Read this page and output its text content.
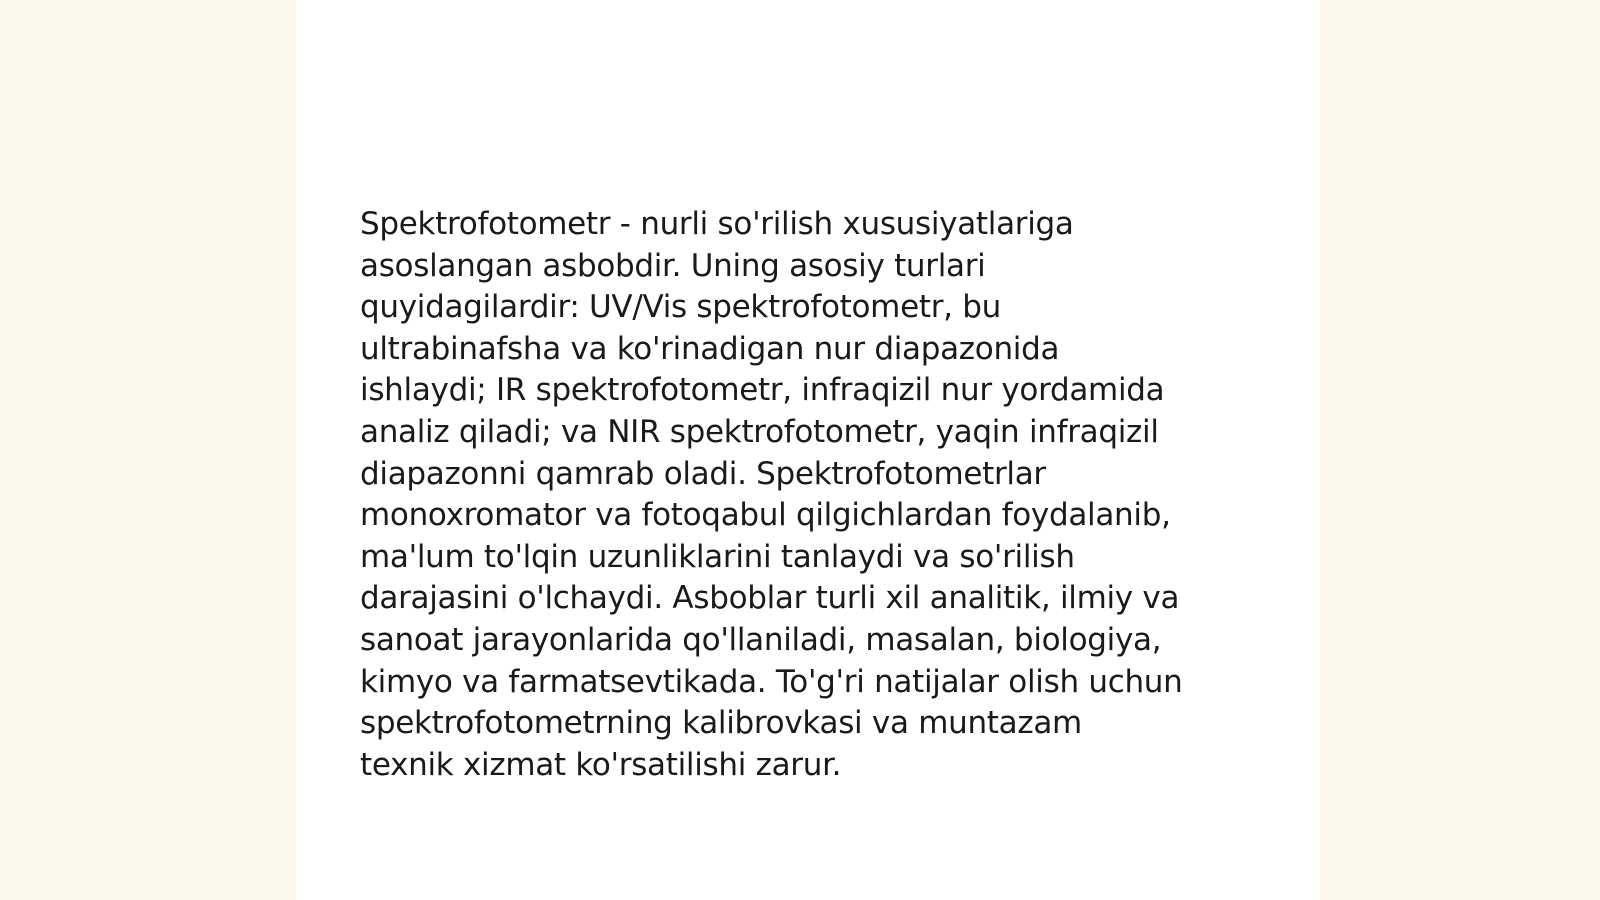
Spektrofotometr - nurli so'rilish xususiyatlariga
asoslangan asbobdir. Uning asosiy turlari
quyidagilardir: UV/Vis spektrofotometr, bu
ultrabinafsha va ko'rinadigan nur diapazonida
ishlaydi; IR spektrofotometr, infraqizil nur yordamida
analiz qiladi; va NIR spektrofotometr, yaqin infraqizil
diapazonni qamrab oladi. Spektrofotometrlar
monoxromator va fotoqabul qilgichlardan foydalanib,
ma'lum to'lqin uzunliklarini tanlaydi va so'rilish
darajasini o'lchaydi. Asboblar turli xil analitik, ilmiy va
sanoat jarayonlarida qo'llaniladi, masalan, biologiya,
kimyo va farmatsevtikada. To'g'ri natijalar olish uchun
spektrofotometrning kalibrovkasi va muntazam
texnik xizmat ko'rsatilishi zarur.
